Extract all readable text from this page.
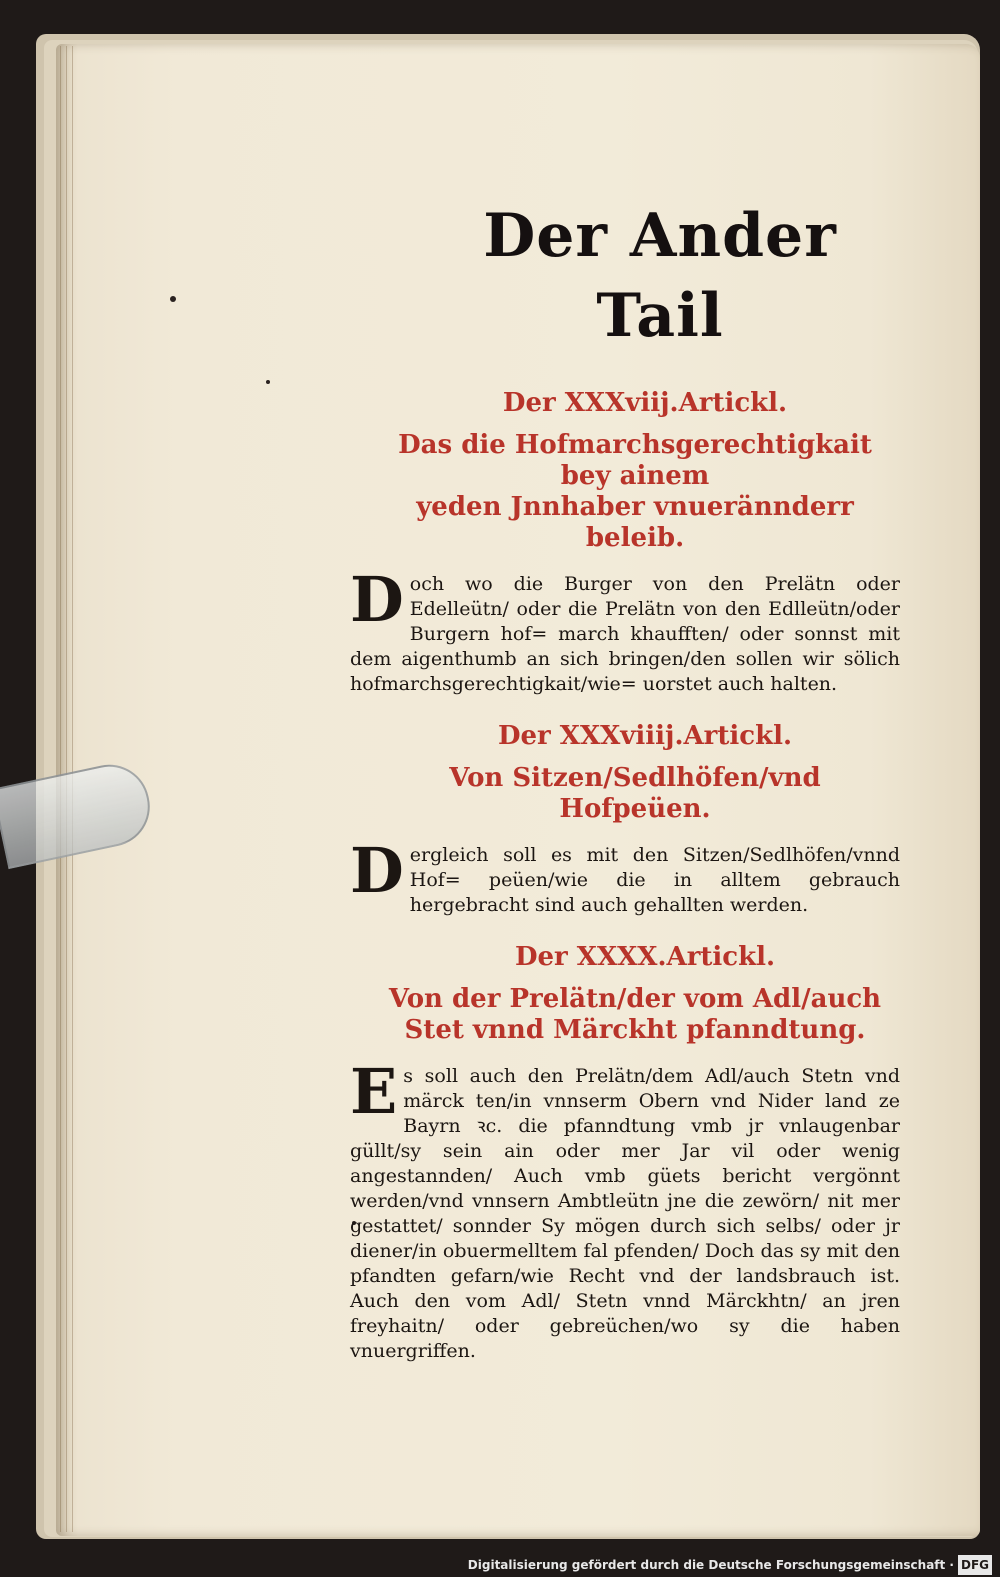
Der Ander Tail
Der XXXviij.Artickl.
Das die Hofmarchsgerechtigkait bey ainem
yeden Jnnhaber vnuerännderr beleib.
Doch wo die Burger von den Prelätn oder Edelleütn/ oder die Prelätn von den Edlleütn/oder Burgern hof= march khaufften/ oder sonnst mit dem aigenthumb an sich bringen/den sollen wir sölich hofmarchsgerechtigkait/wie= uorstet auch halten.
Der XXXviiij.Artickl.
Von Sitzen/Sedlhöfen/vnd Hofpeüen.
Dergleich soll es mit den Sitzen/Sedlhöfen/vnnd Hof= peüen/wie die in alltem gebrauch hergebracht sind auch gehallten werden.
Der XXXX.Artickl.
Von der Prelätn/der vom Adl/auch
Stet vnnd Märckht pfanndtung.
Es soll auch den Prelätn/dem Adl/auch Stetn vnd märck ten/in vnnserm Obern vnd Nider land ze Bayrn ꝛc. die pfanndtung vmb jr vnlaugenbar güllt/sy sein ain oder mer Jar vil oder wenig angestannden/ Auch vmb güets bericht vergönnt werden/vnd vnnsern Ambtleütn jne die zewörn/ nit mer gestattet/ sonnder Sy mögen durch sich selbs/ oder jr diener/in obuermelltem fal pfenden/ Doch das sy mit den pfandten gefarn/wie Recht vnd der landsbrauch ist. Auch den vom Adl/ Stetn vnnd Märckhtn/ an jren freyhaitn/ oder gebreüchen/wo sy die haben vnuergriffen.
Digitalisierung gefördert durch die Deutsche Forschungsgemeinschaft · DFG
